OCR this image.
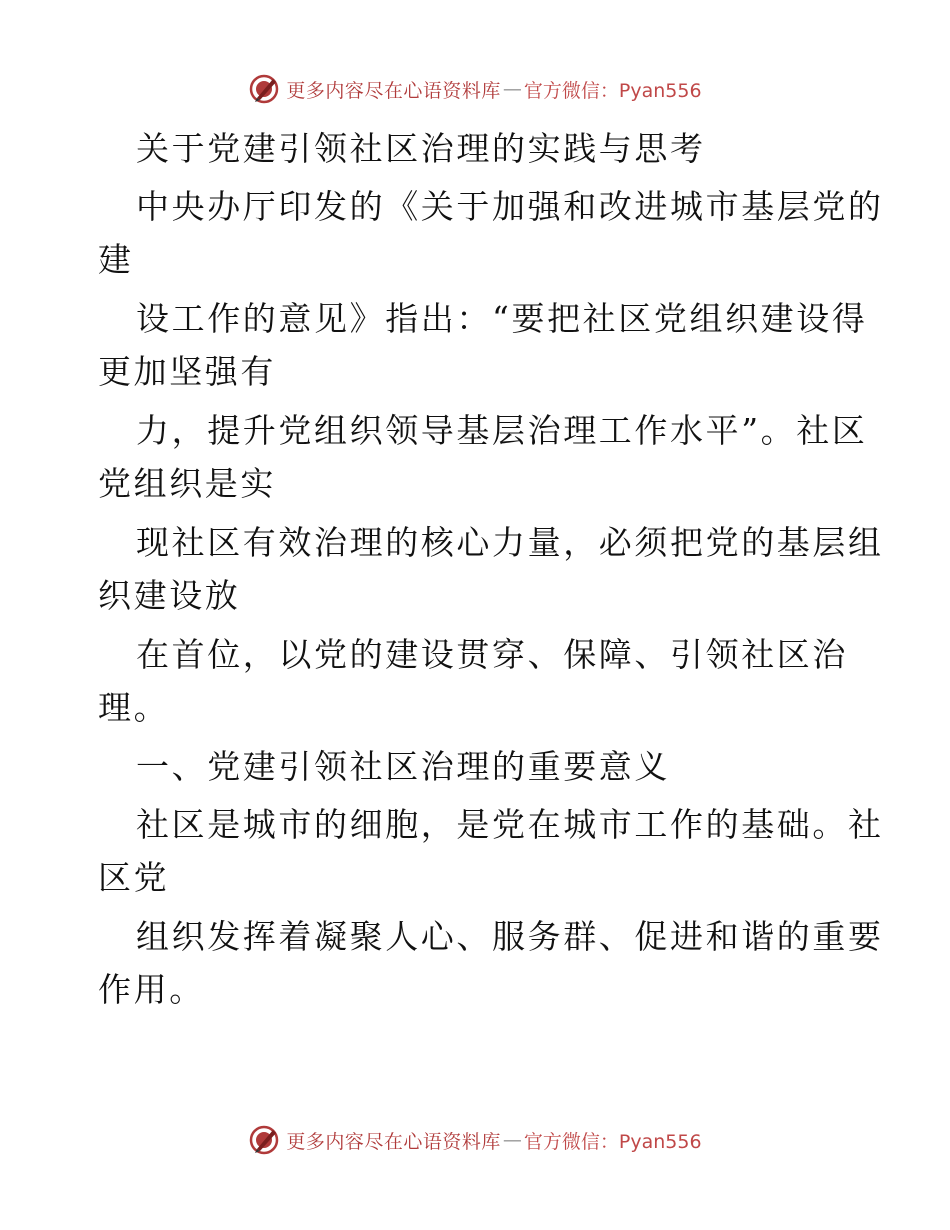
更多内容尽在心语资料库 — 官方微信：Pyan556
关于党建引领社区治理的实践与思考
中央办厅印发的《关于加强和改进城市基层党的
建
设工作的意见》指出：“要把社区党组织建设得
更加坚强有
力，提升党组织领导基层治理工作水平”。社区
党组织是实
现社区有效治理的核心力量，必须把党的基层组
织建设放
在首位，以党的建设贯穿、保障、引领社区治
理。
一、党建引领社区治理的重要意义
社区是城市的细胞，是党在城市工作的基础。社
区党
组织发挥着凝聚人心、服务群、促进和谐的重要
作用。
更多内容尽在心语资料库 — 官方微信：Pyan556
